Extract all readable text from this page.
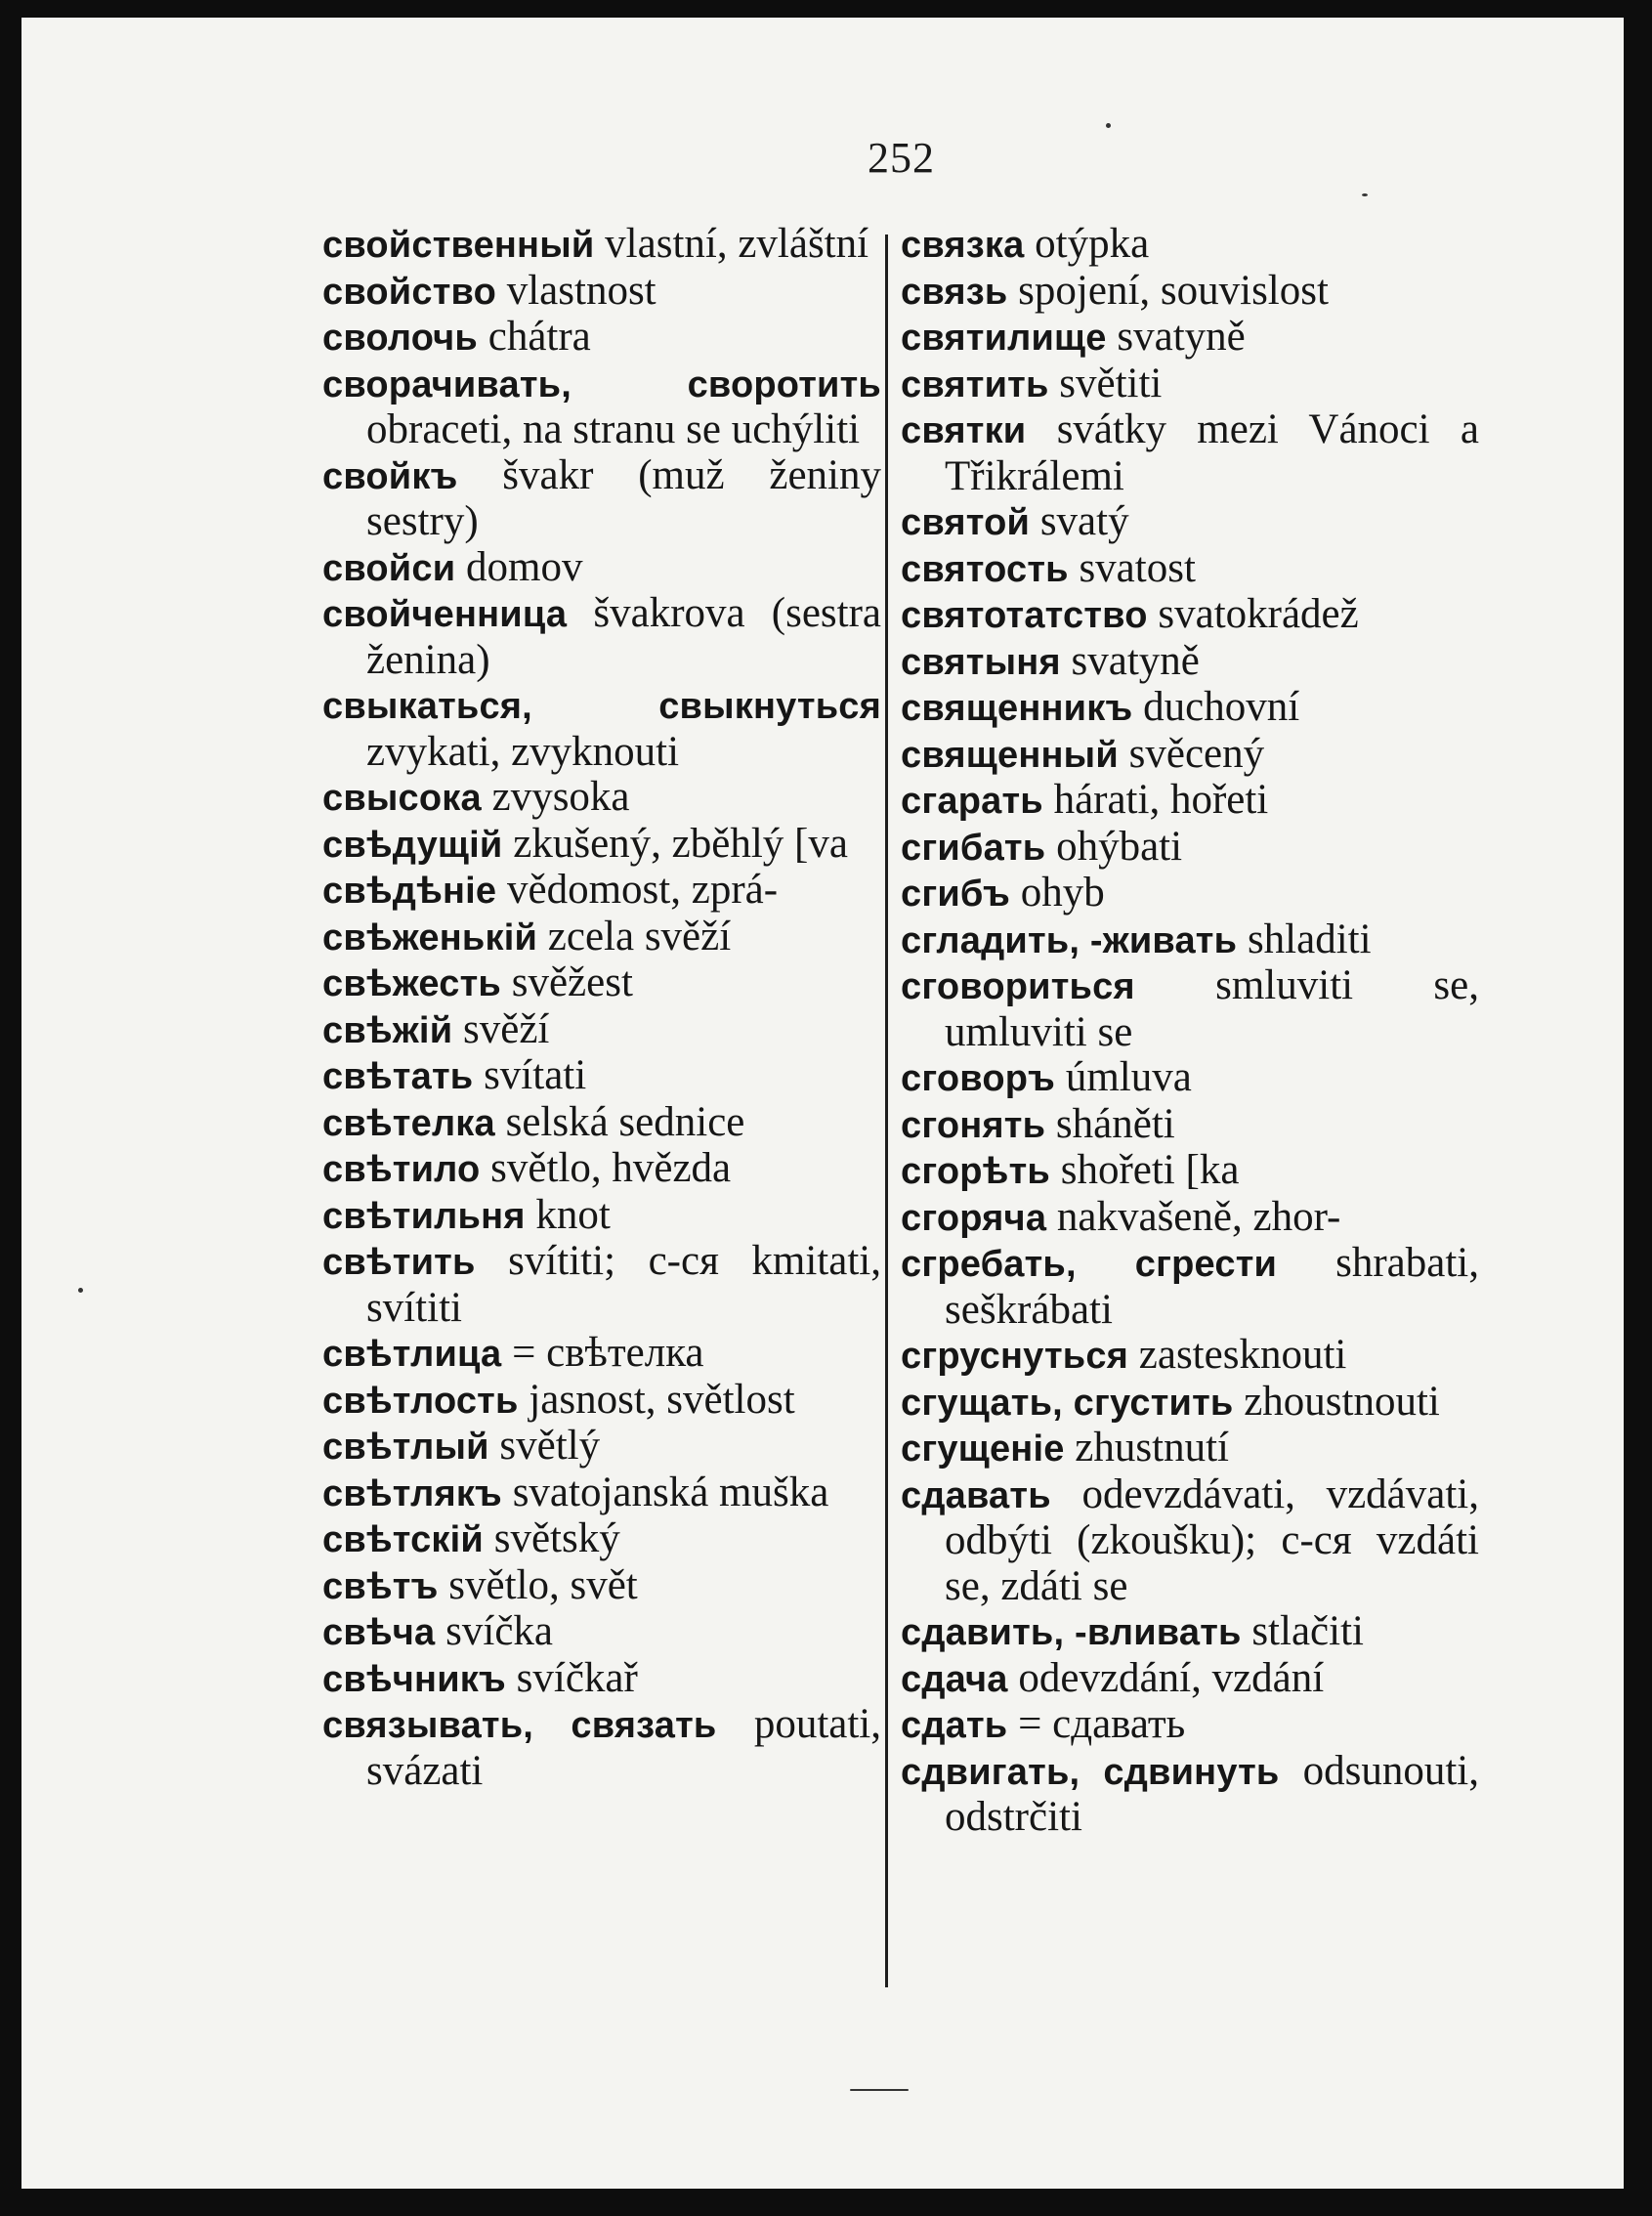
252

свойственный vlastní, zvláštní

свойство vlastnost

сволочь chátra

сворачивать, своротить obraceti, na stranu se uchýliti

свойкъ švakr (muž ženiny sestry)

свойси domov

свойченница švakrova (sestra ženina)

свыкаться, свыкнуться zvykati, zvyknouti

свысока zvysoka

свѣдущій zkušený, zběhlý [va

свѣдѣніе vědomost, zprá-

свѣженькій zcela svěží

свѣжесть svěžest

свѣжій svěží

свѣтать svítati

свѣтелка selská sednice

свѣтило světlo, hvězda

свѣтильня knot

свѣтить svítiti; с-ся kmitati, svítiti

свѣтлица = свѣтелка

свѣтлость jasnost, světlost

свѣтлый světlý

свѣтлякъ svatojanská muška

свѣтскій světský

свѣтъ světlo, svět

свѣча svíčka

свѣчникъ svíčkař

связывать, связать poutati, svázati

связка otýpka

связь spojení, souvislost

святилище svatyně

святить světiti

святки svátky mezi Vánoci a Třikrálemi

святой svatý

святость svatost

святотатство svatokrádež

святыня svatyně

священникъ duchovní

священный svěcený

сгарать hárati, hořeti

сгибать ohýbati

сгибъ ohyb

сгладить, -живать shladiti

сговориться smluviti se, umluviti se

сговоръ úmluva

сгонять sháněti

сгорѣть shořeti [ka

сгоряча nakvašeně, zhor-

сгребать, сгрести shrabati, seškrábati

сгруснуться zastesknouti

сгущать, сгустить zhoustnouti

сгущеніе zhustnutí

сдавать odevzdávati, vzdávati, odbýti (zkoušku); с-ся vzdáti se, zdáti se

сдавить, -вливать stlačiti

сдача odevzdání, vzdání

сдать = сдавать

сдвигать, сдвинуть odsunouti, odstrčiti
